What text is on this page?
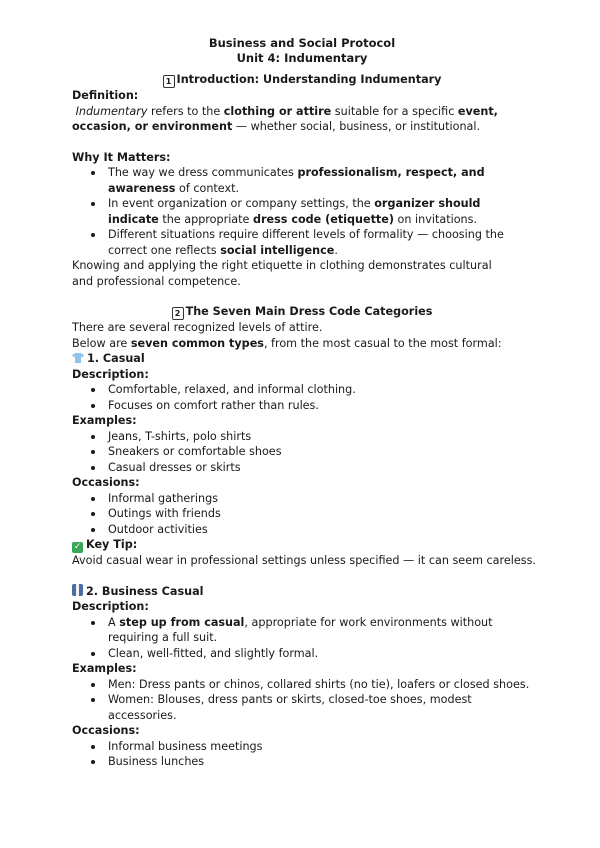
Business and Social Protocol
Unit 4: Indumentary
1 Introduction: Understanding Indumentary

Definition:

Indumentary refers to the clothing or attire suitable for a specific event, occasion, or environment — whether social, business, or institutional.

Why It Matters:

The way we dress communicates professionalism, respect, and awareness of context.
In event organization or company settings, the organizer should indicate the appropriate dress code (etiquette) on invitations.
Different situations require different levels of formality — choosing the correct one reflects social intelligence.

Knowing and applying the right etiquette in clothing demonstrates cultural and professional competence.

2 The Seven Main Dress Code Categories

There are several recognized levels of attire.

Below are seven common types, from the most casual to the most formal:

1. Casual

Description:

Comfortable, relaxed, and informal clothing.
Focuses on comfort rather than rules.

Examples:

Jeans, T-shirts, polo shirts
Sneakers or comfortable shoes
Casual dresses or skirts

Occasions:

Informal gatherings
Outings with friends
Outdoor activities

✓ Key Tip:

Avoid casual wear in professional settings unless specified — it can seem careless.

2. Business Casual

Description:

A step up from casual, appropriate for work environments without requiring a full suit.
Clean, well-fitted, and slightly formal.

Examples:

Men: Dress pants or chinos, collared shirts (no tie), loafers or closed shoes.
Women: Blouses, dress pants or skirts, closed-toe shoes, modest accessories.

Occasions:

Informal business meetings
Business lunches
